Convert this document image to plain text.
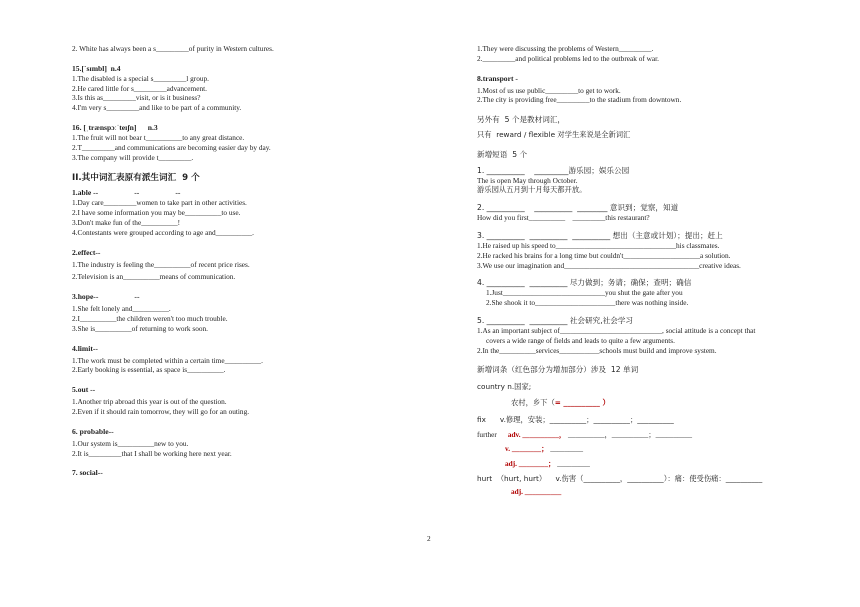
2. White has always been a s_________of purity in Western cultures.
15.[`sɪmbl]  n.4
1.The disabled is a special s_________l group.
2.He cared little for s_________advancement.
3.Is this as_________visit, or is it business?
4.I'm very s_________and like to be part of a community.
16. [ˌtrænspɔːˈteɪʃn]      n.3
1.The fruit will not bear t__________to any great distance.
2.T_________and communications are becoming easier day by day.
3.The company will provide t_________.
II.其中词汇表原有派生词汇  9 个
1.able --                   --                   --
1.Day care_________women to take part in other activities.
2.I have some information you may be__________to use.
3.Don't make fun of the__________!
4.Contestants were grouped according to age and__________.
2.effect--
1.The industry is feeling the__________of recent price rises.
2.Television is an__________means of communication.
3.hope--                   --
1.She felt lonely and__________.
2.I__________the children weren't too much trouble.
3.She is__________of returning to work soon.
4.limit--
1.The work must be completed within a certain time__________.
2.Early booking is essential, as space is__________.
5.out --
1.Another trip abroad this year is out of the question.
2.Even if it should rain tomorrow, they will go for an outing.
6. probable--
1.Our system is__________new to you.
2.It is_________that I shall be working here next year.
7. social--
1.They were discussing the problems of Western_________.
2._________and political problems led to the outbreak of war.
8.transport -
1.Most of us use public_________to get to work.
2.The city is providing free_________to the stadium from downtown.
另外有  5 个是教材词汇，
只有  reward / flexible 对学生来说是全新词汇
新增短语  5 个
1. __________    _________游乐园；娱乐公园
The is open May through October.
游乐园从五月到十月每天都开放。
2. __________    __________  ________ 意识到；觉察，知道
How did you first__________    _________this restaurant?
3. __________  __________  __________ 想出（主意或计划）；提出；赶上
1.He raised up his speed to_________________________________his classmates.
2.He racked his brains for a long time but couldn't_____________________a solution.
3.We use our imagination and_____________________________________creative ideas.
4. __________  __________ 尽力做到；务请；确保；查明；确信
1.Just____________________________you shut the gate after you
2.She shook it to______________________there was nothing inside.
5. __________  __________ 社会研究,社会学习
1.As an important subject of____________________________, social attitude is a concept that
covers a wide range of fields and leads to quite a few arguments.
2.In the__________services___________schools must build and improve system.
新增词条（红色部分为增加部分）涉及  12 单词
country n.国家;
农村，乡下（= __________ ）
fix      v.修理，安装；__________；__________；__________
further adv. __________， __________，__________；__________
v. ________； _________
adj. ________； _________
hurt  （hurt, hurt）    v.伤害（__________，__________）：痛：使受伤痛：__________
adj. __________
2
